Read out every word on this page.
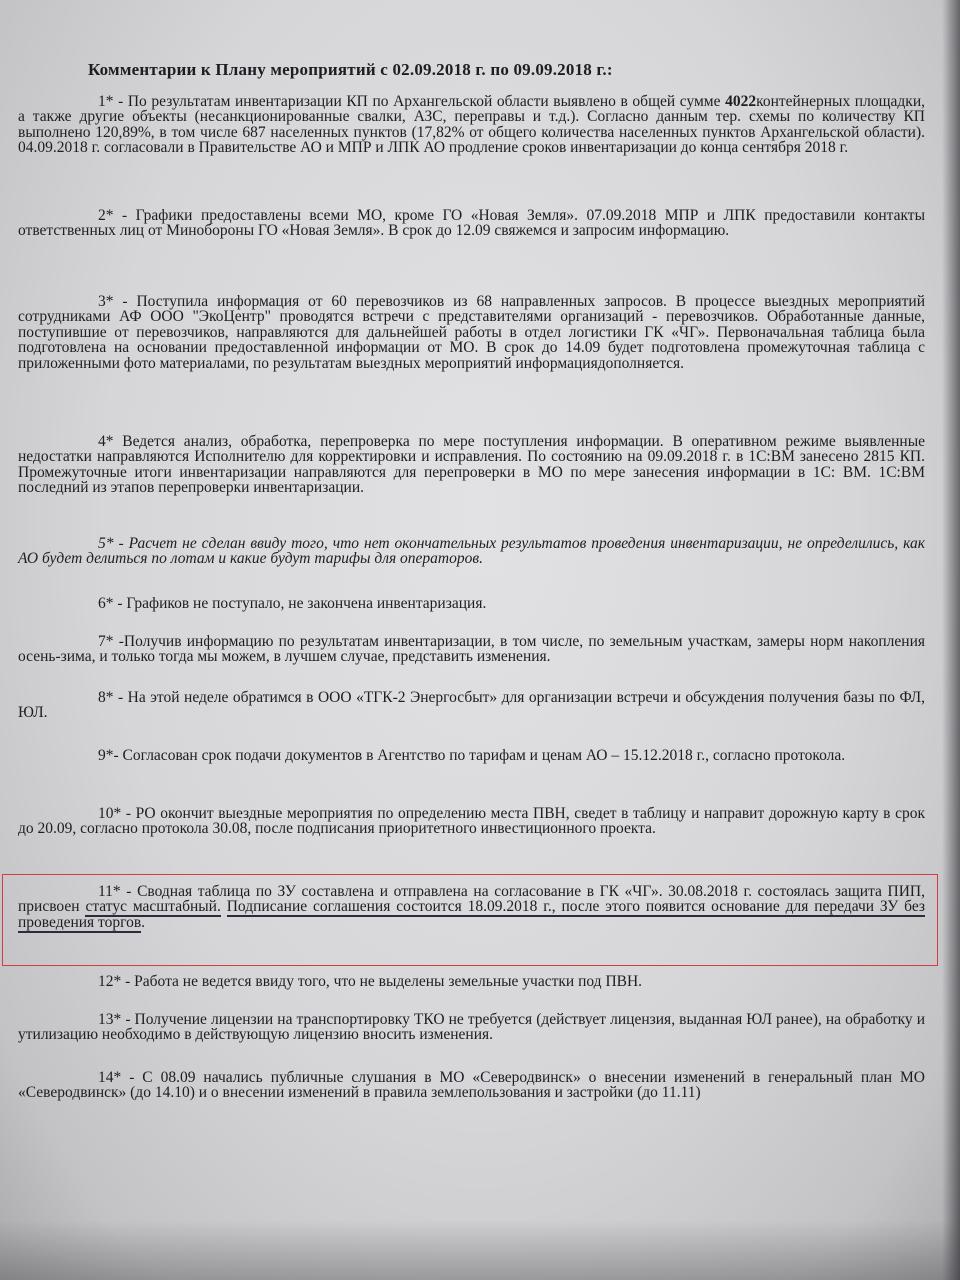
Комментарии к Плану мероприятий с 02.09.2018 г. по 09.09.2018 г.:
1* - По результатам инвентаризации КП по Архангельской области выявлено в общей сумме 4022контейнерных площадки, а также другие объекты (несанкционированные свалки, АЗС, переправы и т.д.). Согласно данным тер. схемы по количеству КП выполнено 120,89%, в том числе 687 населенных пунктов (17,82% от общего количества населенных пунктов Архангельской области). 04.09.2018 г. согласовали в Правительстве АО и МПР и ЛПК АО продление сроков инвентаризации до конца сентября 2018 г.
2* - Графики предоставлены всеми МО, кроме ГО «Новая Земля». 07.09.2018 МПР и ЛПК предоставили контакты ответственных лиц от Минобороны ГО «Новая Земля». В срок до 12.09 свяжемся и запросим информацию.
3* - Поступила информация от 60 перевозчиков из 68 направленных запросов. В процессе выездных мероприятий сотрудниками АФ ООО "ЭкоЦентр" проводятся встречи с представителями организаций - перевозчиков. Обработанные данные, поступившие от перевозчиков, направляются для дальнейшей работы в отдел логистики ГК «ЧГ». Первоначальная таблица была подготовлена на основании предоставленной информации от МО. В срок до 14.09 будет подготовлена промежуточная таблица с приложенными фото материалами, по результатам выездных мероприятий информациядополняется.
4* Ведется анализ, обработка, перепроверка по мере поступления информации. В оперативном режиме выявленные недостатки направляются Исполнителю для корректировки и исправления. По состоянию на 09.09.2018 г. в 1С:ВМ занесено 2815 КП. Промежуточные итоги инвентаризации направляются для перепроверки в МО по мере занесения информации в 1С: ВМ. 1С:ВМ последний из этапов перепроверки инвентаризации.
5* - Расчет не сделан ввиду того, что нет окончательных результатов проведения инвентаризации, не определились, как АО будет делиться по лотам и какие будут тарифы для операторов.
6* - Графиков не поступало, не закончена инвентаризация.
7* -Получив информацию по результатам инвентаризации, в том числе, по земельным участкам, замеры норм накопления осень-зима, и только тогда мы можем, в лучшем случае, представить изменения.
8* - На этой неделе обратимся в ООО «ТГК-2 Энергосбыт» для организации встречи и обсуждения получения базы по ФЛ, ЮЛ.
9*- Согласован срок подачи документов в Агентство по тарифам и ценам АО – 15.12.2018 г., согласно протокола.
10* - РО окончит выездные мероприятия по определению места ПВН, сведет в таблицу и направит дорожную карту в срок до 20.09, согласно протокола 30.08, после подписания приоритетного инвестиционного проекта.
11* - Сводная таблица по ЗУ составлена и отправлена на согласование в ГК «ЧГ». 30.08.2018 г. состоялась защита ПИП, присвоен статус масштабный. Подписание соглашения состоится 18.09.2018 г., после этого появится основание для передачи ЗУ без проведения торгов.
12* - Работа не ведется ввиду того, что не выделены земельные участки под ПВН.
13* - Получение лицензии на транспортировку ТКО не требуется (действует лицензия, выданная ЮЛ ранее), на обработку и утилизацию необходимо в действующую лицензию вносить изменения.
14* - С 08.09 начались публичные слушания в МО «Северодвинск» о внесении изменений в генеральный план МО «Северодвинск» (до 14.10) и о внесении изменений в правила землепользования и застройки (до 11.11)
